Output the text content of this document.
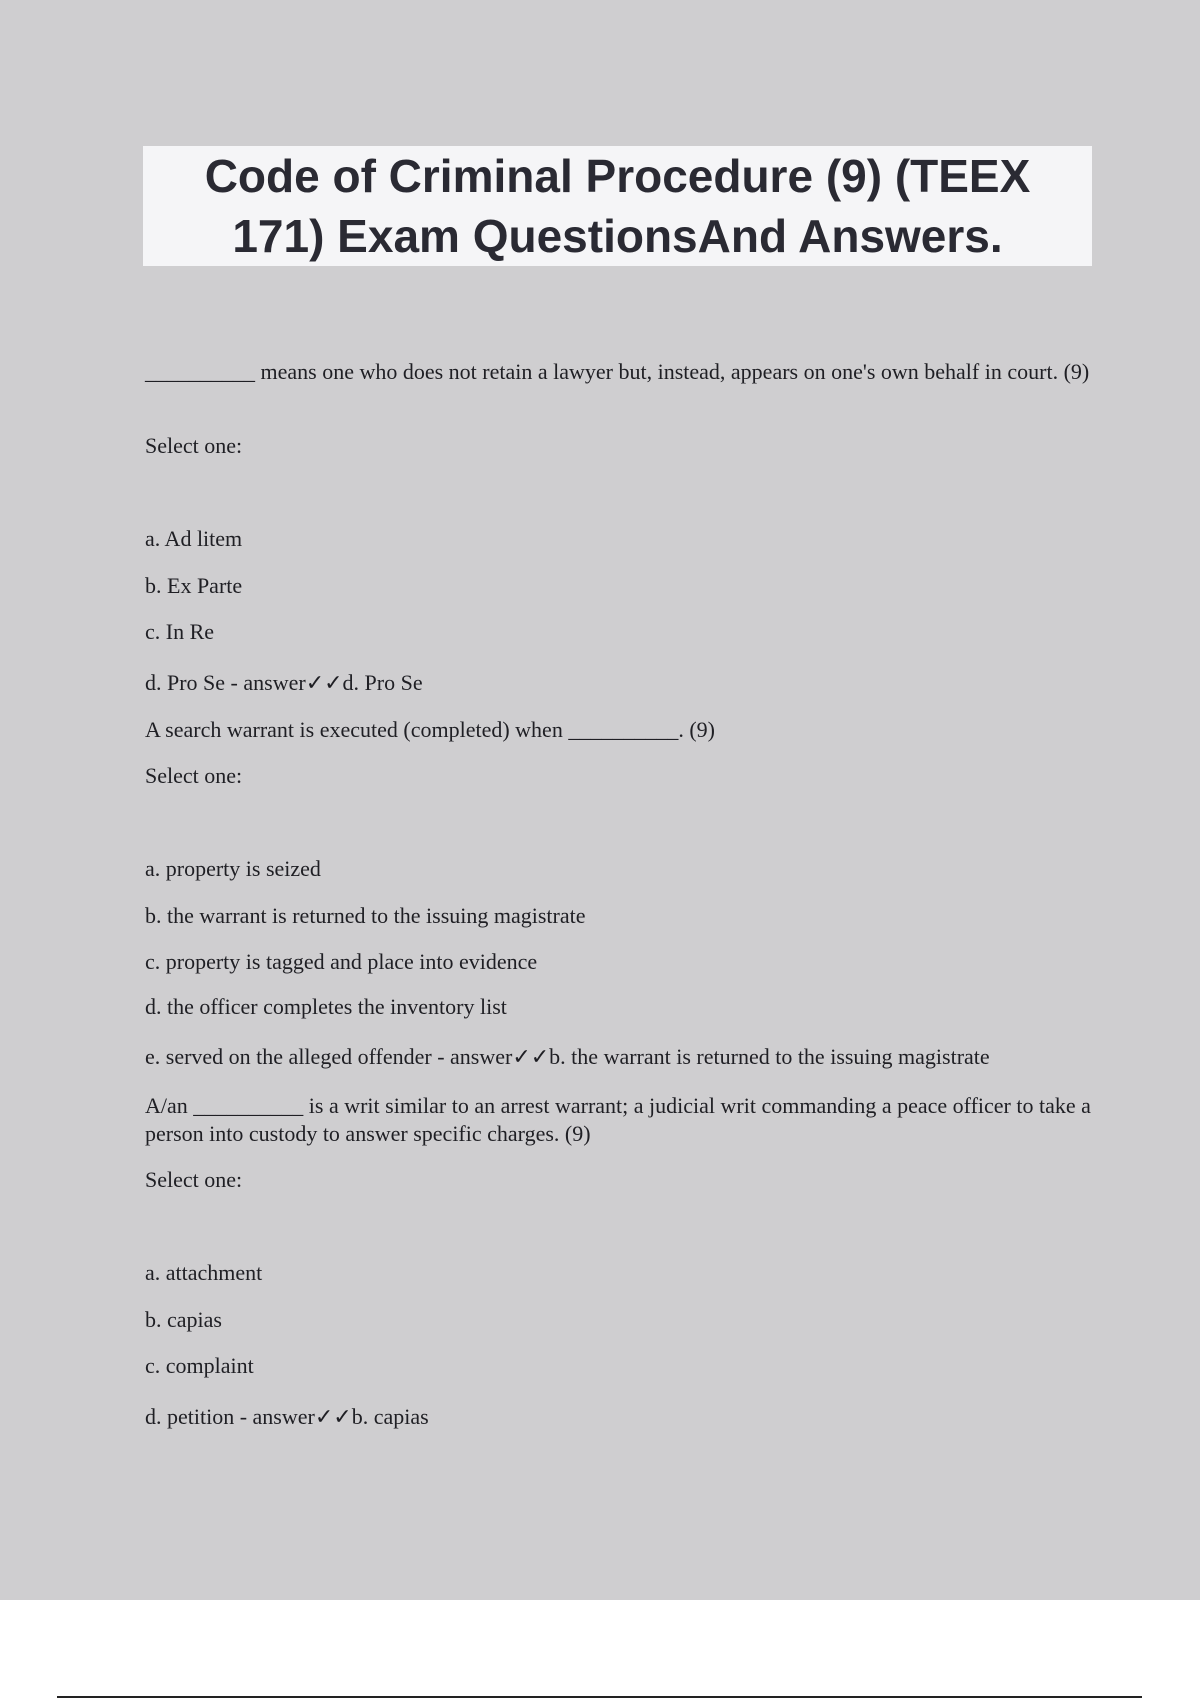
Code of Criminal Procedure (9) (TEEX 171) Exam QuestionsAnd Answers.

__________ means one who does not retain a lawyer but, instead, appears on one's own behalf in court. (9)

Select one:

a. Ad litem

b. Ex Parte

c. In Re

d. Pro Se - answer✓✓d. Pro Se

A search warrant is executed (completed) when __________. (9)

Select one:

a. property is seized

b. the warrant is returned to the issuing magistrate

c. property is tagged and place into evidence

d. the officer completes the inventory list

e. served on the alleged offender - answer✓✓b. the warrant is returned to the issuing magistrate

A/an __________ is a writ similar to an arrest warrant; a judicial writ commanding a peace officer to take a person into custody to answer specific charges. (9)

Select one:

a. attachment

b. capias

c. complaint

d. petition - answer✓✓b. capias
